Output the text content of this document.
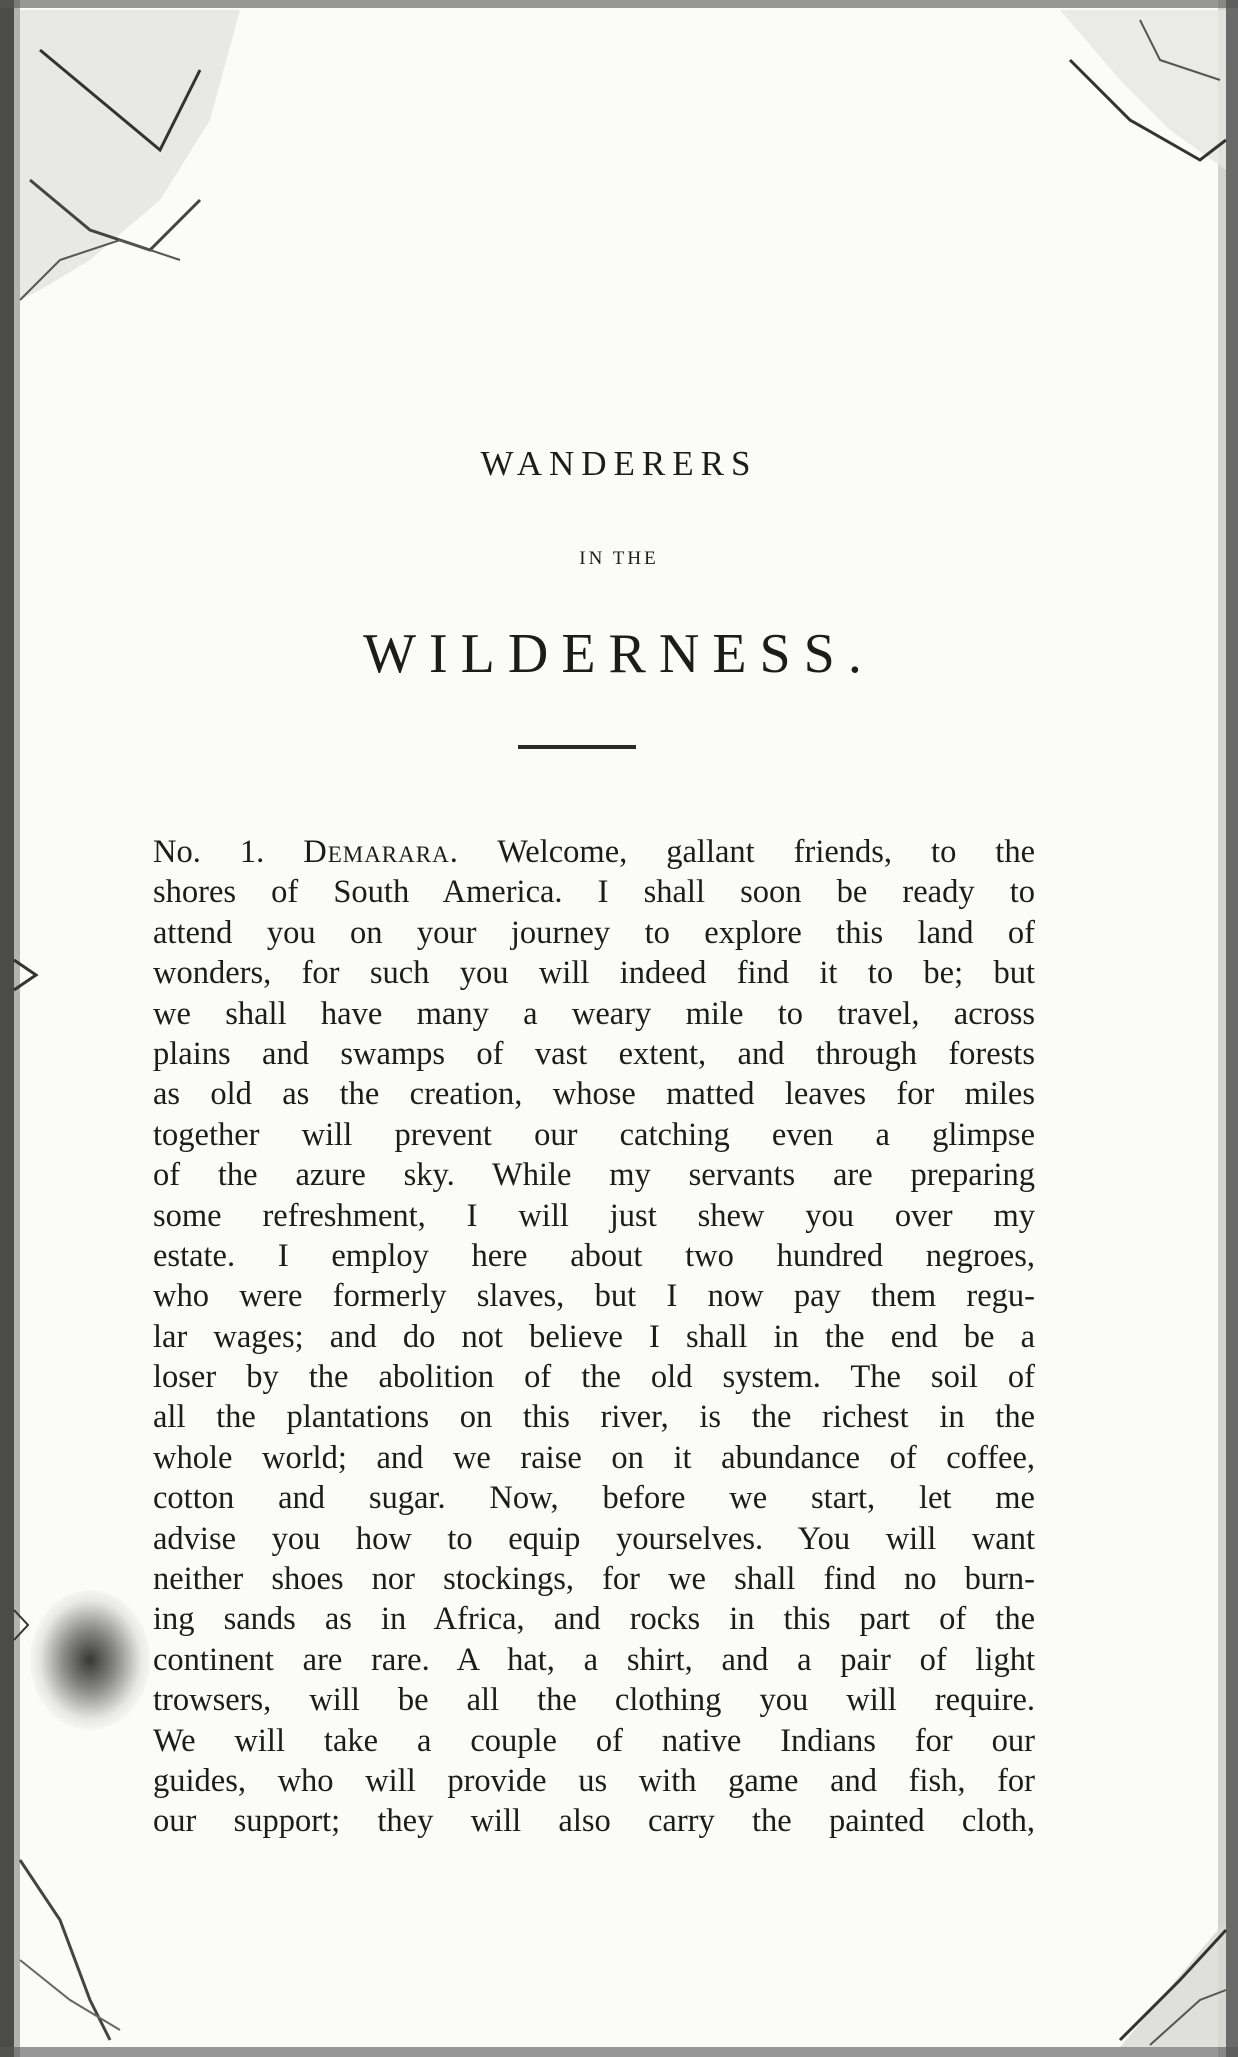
WANDERERS
IN THE
WILDERNESS.
No. 1. Demarara. Welcome, gallant friends, to the
shores of South America. I shall soon be ready to
attend you on your journey to explore this land of
wonders, for such you will indeed find it to be; but
we shall have many a weary mile to travel, across
plains and swamps of vast extent, and through forests
as old as the creation, whose matted leaves for miles
together will prevent our catching even a glimpse
of the azure sky. While my servants are preparing
some refreshment, I will just shew you over my
estate. I employ here about two hundred negroes,
who were formerly slaves, but I now pay them regu-
lar wages; and do not believe I shall in the end be a
loser by the abolition of the old system. The soil of
all the plantations on this river, is the richest in the
whole world; and we raise on it abundance of coffee,
cotton and sugar. Now, before we start, let me
advise you how to equip yourselves. You will want
neither shoes nor stockings, for we shall find no burn-
ing sands as in Africa, and rocks in this part of the
continent are rare. A hat, a shirt, and a pair of light
trowsers, will be all the clothing you will require.
We will take a couple of native Indians for our
guides, who will provide us with game and fish, for
our support; they will also carry the painted cloth,
